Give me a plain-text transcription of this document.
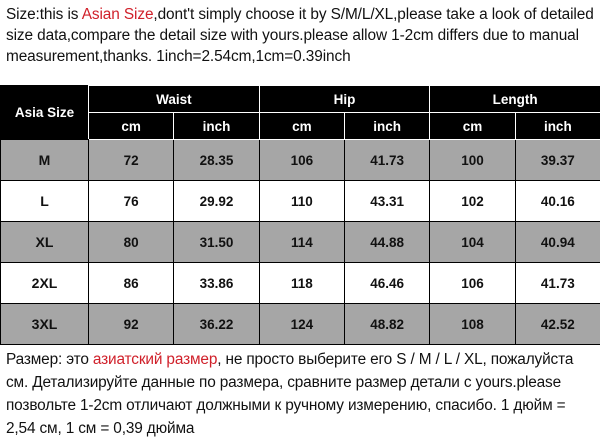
Size:this is Asian Size,dont't simply choose it by S/M/L/XL,please take a look of detailed size data,compare the detail size with yours.please allow 1-2cm differs due to manual measurement,thanks. 1inch=2.54cm,1cm=0.39inch
Asia Size	Waist		Hip		Length	
	cm	inch	cm	inch	cm	inch
M	72	28.35	106	41.73	100	39.37
L	76	29.92	110	43.31	102	40.16
XL	80	31.50	114	44.88	104	40.94
2XL	86	33.86	118	46.46	106	41.73
3XL	92	36.22	124	48.82	108	42.52
Размер: это азиатский размер, не просто выберите его S / M / L / XL, пожалуйста см. Детализируйте данные по размера, сравните размер детали с yours.please позвольте 1-2cm отличают должными к ручному измерению, спасибо. 1 дюйм = 2,54 см, 1 см = 0,39 дюйма
